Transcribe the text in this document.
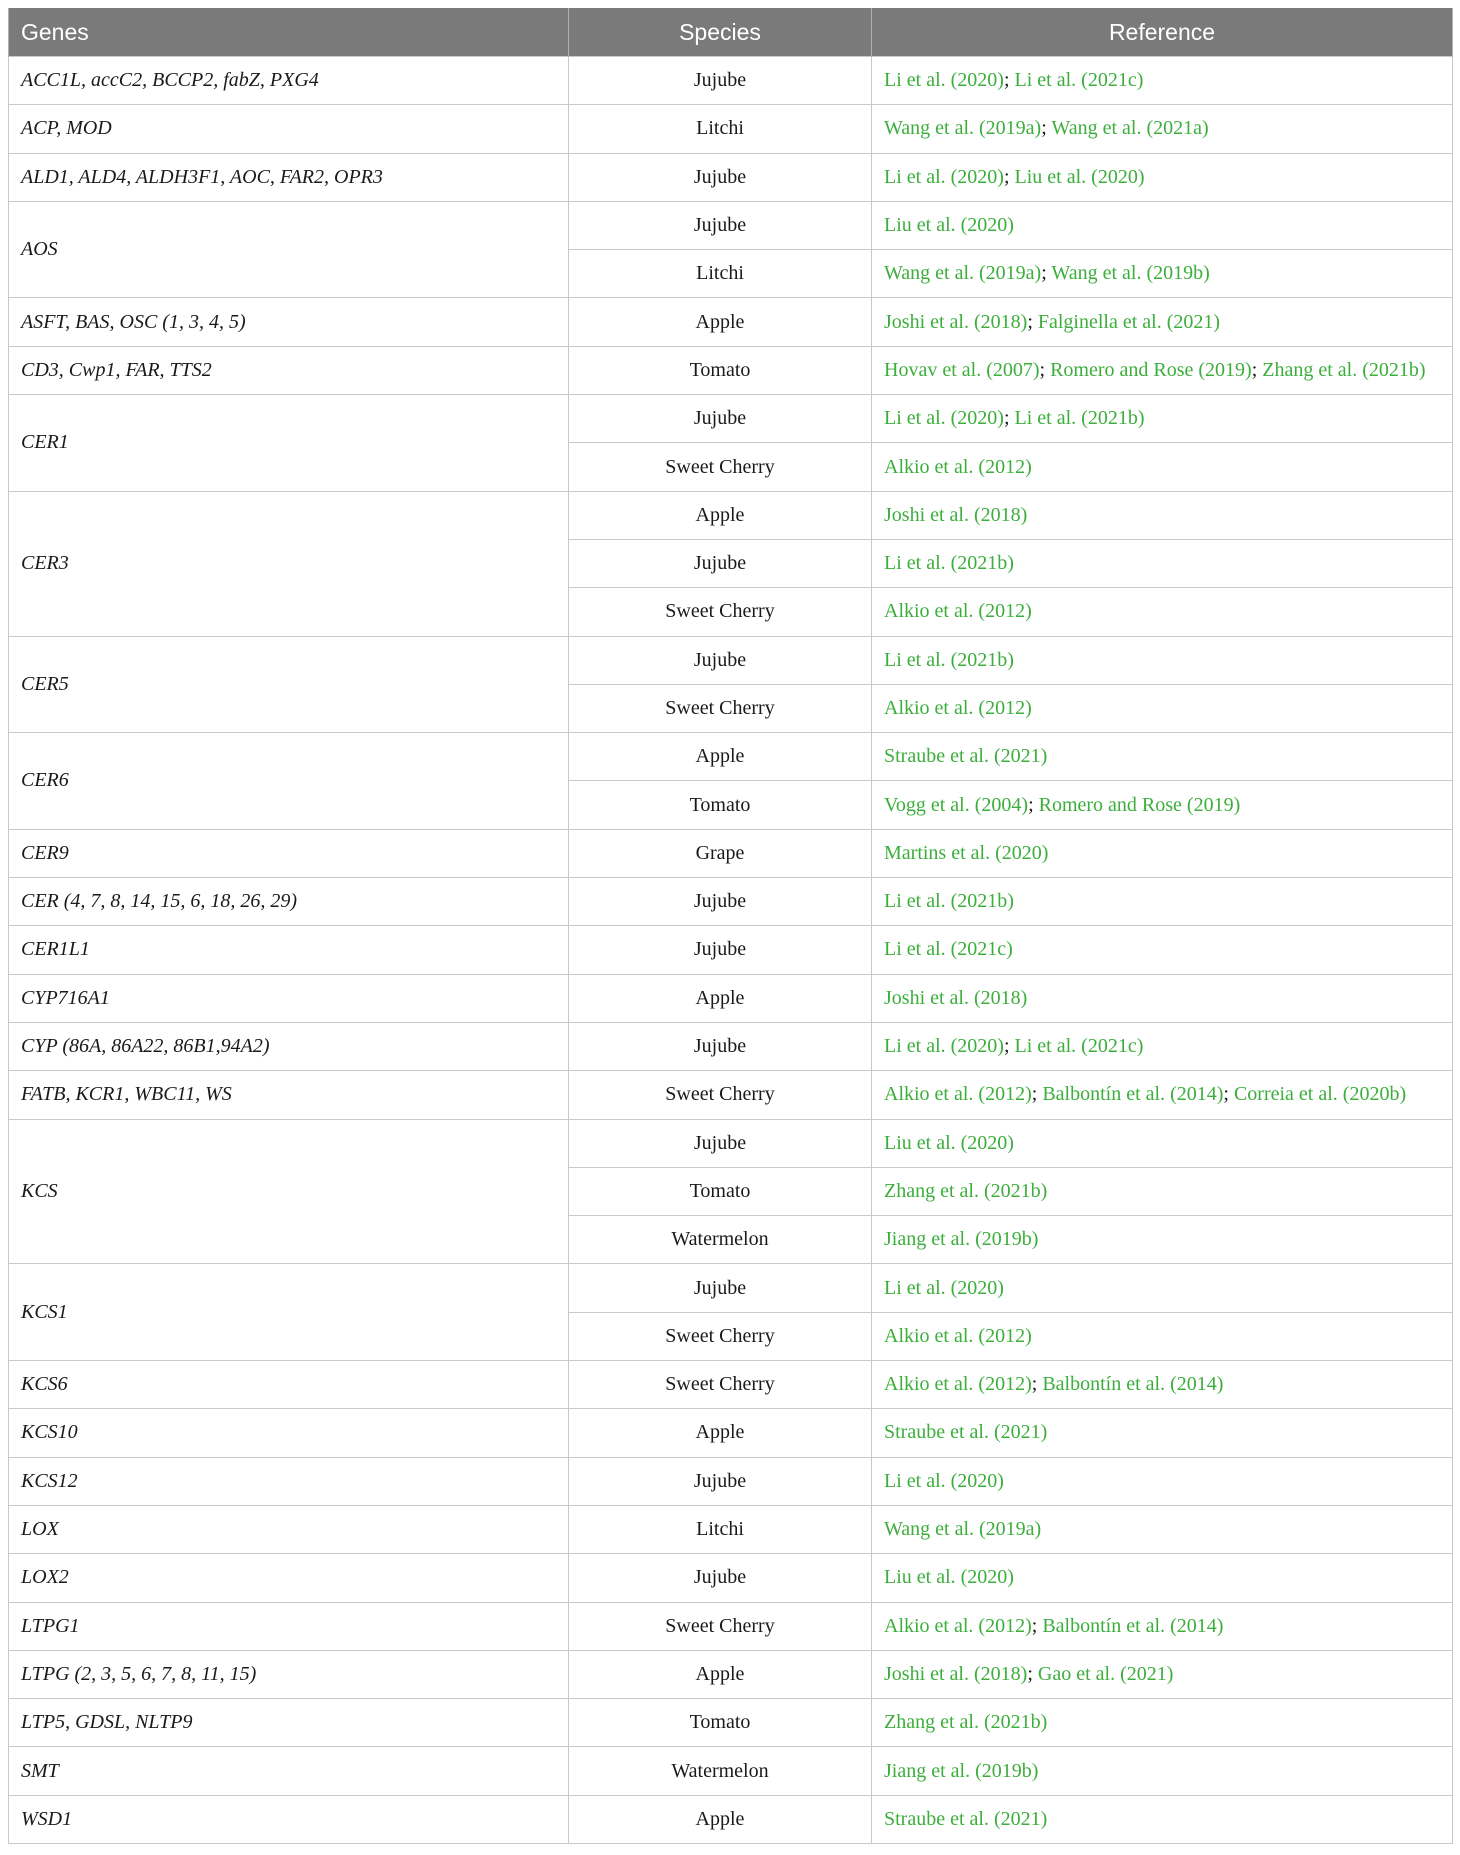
Genes	Species	Reference
ACC1L, accC2, BCCP2, fabZ, PXG4	Jujube	Li et al. (2020); Li et al. (2021c)
ACP, MOD	Litchi	Wang et al. (2019a); Wang et al. (2021a)
ALD1, ALD4, ALDH3F1, AOC, FAR2, OPR3	Jujube	Li et al. (2020); Liu et al. (2020)
AOS	Jujube	Liu et al. (2020)
	Litchi	Wang et al. (2019a); Wang et al. (2019b)
ASFT, BAS, OSC (1, 3, 4, 5)	Apple	Joshi et al. (2018); Falginella et al. (2021)
CD3, Cwp1, FAR, TTS2	Tomato	Hovav et al. (2007); Romero and Rose (2019); Zhang et al. (2021b)
CER1	Jujube	Li et al. (2020); Li et al. (2021b)
	Sweet Cherry	Alkio et al. (2012)
CER3	Apple	Joshi et al. (2018)
	Jujube	Li et al. (2021b)
	Sweet Cherry	Alkio et al. (2012)
CER5	Jujube	Li et al. (2021b)
	Sweet Cherry	Alkio et al. (2012)
CER6	Apple	Straube et al. (2021)
	Tomato	Vogg et al. (2004); Romero and Rose (2019)
CER9	Grape	Martins et al. (2020)
CER (4, 7, 8, 14, 15, 6, 18, 26, 29)	Jujube	Li et al. (2021b)
CER1L1	Jujube	Li et al. (2021c)
CYP716A1	Apple	Joshi et al. (2018)
CYP (86A, 86A22, 86B1,94A2)	Jujube	Li et al. (2020); Li et al. (2021c)
FATB, KCR1, WBC11, WS	Sweet Cherry	Alkio et al. (2012); Balbontín et al. (2014); Correia et al. (2020b)
KCS	Jujube	Liu et al. (2020)
	Tomato	Zhang et al. (2021b)
	Watermelon	Jiang et al. (2019b)
KCS1	Jujube	Li et al. (2020)
	Sweet Cherry	Alkio et al. (2012)
KCS6	Sweet Cherry	Alkio et al. (2012); Balbontín et al. (2014)
KCS10	Apple	Straube et al. (2021)
KCS12	Jujube	Li et al. (2020)
LOX	Litchi	Wang et al. (2019a)
LOX2	Jujube	Liu et al. (2020)
LTPG1	Sweet Cherry	Alkio et al. (2012); Balbontín et al. (2014)
LTPG (2, 3, 5, 6, 7, 8, 11, 15)	Apple	Joshi et al. (2018); Gao et al. (2021)
LTP5, GDSL, NLTP9	Tomato	Zhang et al. (2021b)
SMT	Watermelon	Jiang et al. (2019b)
WSD1	Apple	Straube et al. (2021)
